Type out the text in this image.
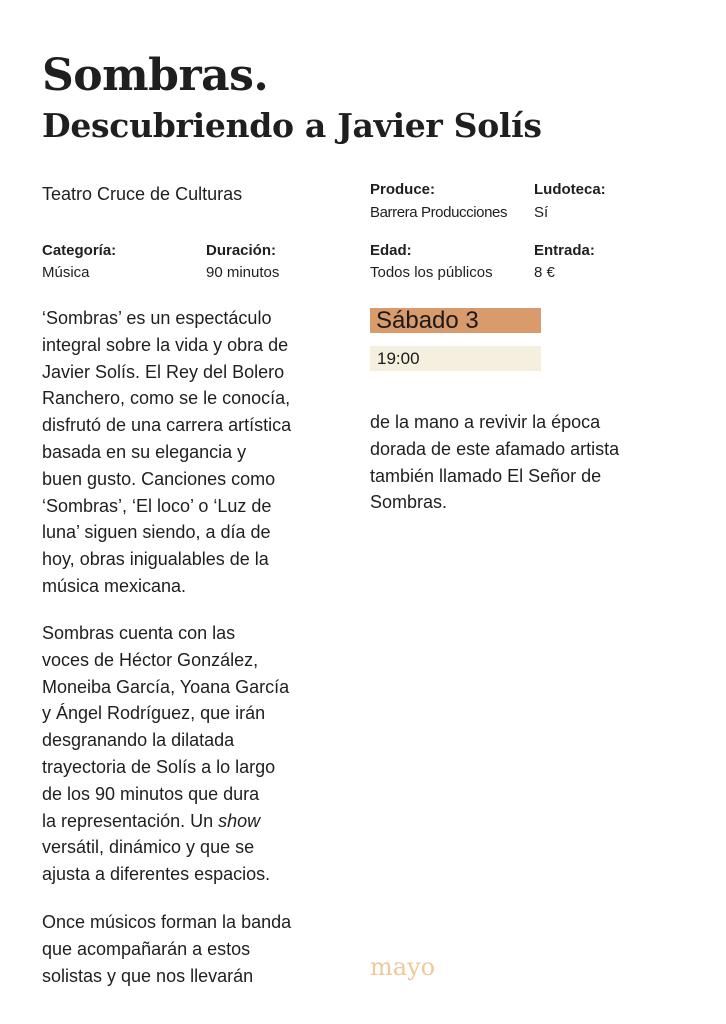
Sombras.
Descubriendo a Javier Solís
Teatro Cruce de Culturas	Produce:
Barrera Producciones
Ludoteca:
Sí
Categoría:
Música
Duración:
90 minutos
Edad:
Todos los públicos
Entrada:
8 €
Sábado 3
19:00
‘Sombras’ es un espectáculo
integral sobre la vida y obra de
Javier Solís. El Rey del Bolero
Ranchero, como se le conocía,
disfrutó de una carrera artística
basada en su elegancia y
buen gusto. Canciones como
‘Sombras’, ‘El loco’ o ‘Luz de
luna’ siguen siendo, a día de
hoy, obras inigualables de la
música mexicana.
Sombras cuenta con las
voces de Héctor González,
Moneiba García, Yoana García
y Ángel Rodríguez, que irán
desgranando la dilatada
trayectoria de Solís a lo largo
de los 90 minutos que dura
la representación. Un show
versátil, dinámico y que se
ajusta a diferentes espacios.
Once músicos forman la banda
que acompañarán a estos
solistas y que nos llevarán
de la mano a revivir la época
dorada de este afamado artista
también llamado El Señor de
Sombras.
mayo
